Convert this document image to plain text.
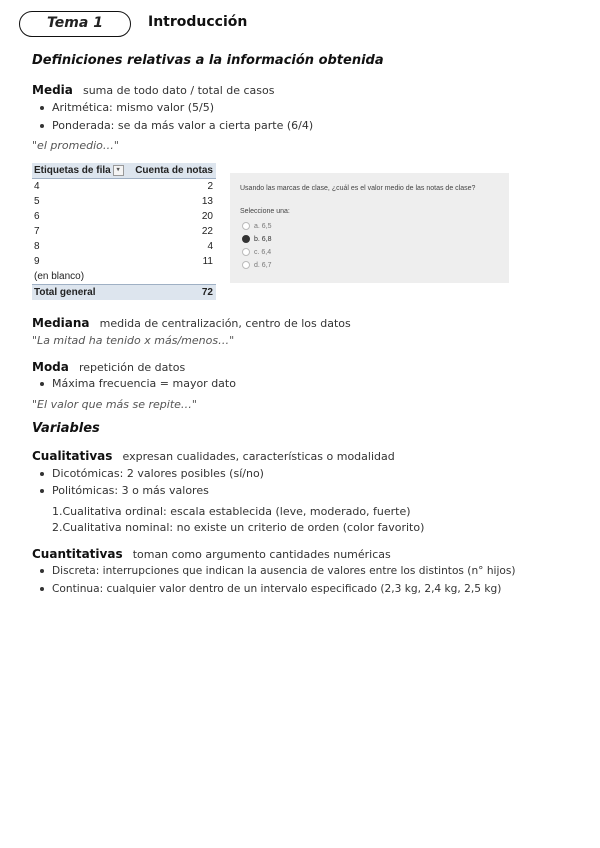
Tema 1	Introducción
Definiciones relativas a la información obtenida
Media suma de todo dato / total de casos
Aritmética: mismo valor (5/5)
Ponderada: se da más valor a cierta parte (6/4)
"el promedio…"
Etiquetas de fila ▾	Cuenta de notas
4	2
5	13
6	20
7	22
8	4
9	11
(en blanco)
Total general	72
Usando las marcas de clase, ¿cuál es el valor medio de las notas de clase?
Seleccione una:
a. 6,5
b. 6,8
c. 6,4
d. 6,7
Mediana medida de centralización, centro de los datos
"La mitad ha tenido x más/menos…"
Moda repetición de datos
Máxima frecuencia = mayor dato
"El valor que más se repite…"
Variables
Cualitativas expresan cualidades, características o modalidad
Dicotómicas: 2 valores posibles (sí/no)
Politómicas: 3 o más valores
1.Cualitativa ordinal: escala establecida (leve, moderado, fuerte)
2.Cualitativa nominal: no existe un criterio de orden (color favorito)
Cuantitativas toman como argumento cantidades numéricas
Discreta: interrupciones que indican la ausencia de valores entre los distintos (n° hijos)
Continua: cualquier valor dentro de un intervalo especificado (2,3 kg, 2,4 kg, 2,5 kg)
